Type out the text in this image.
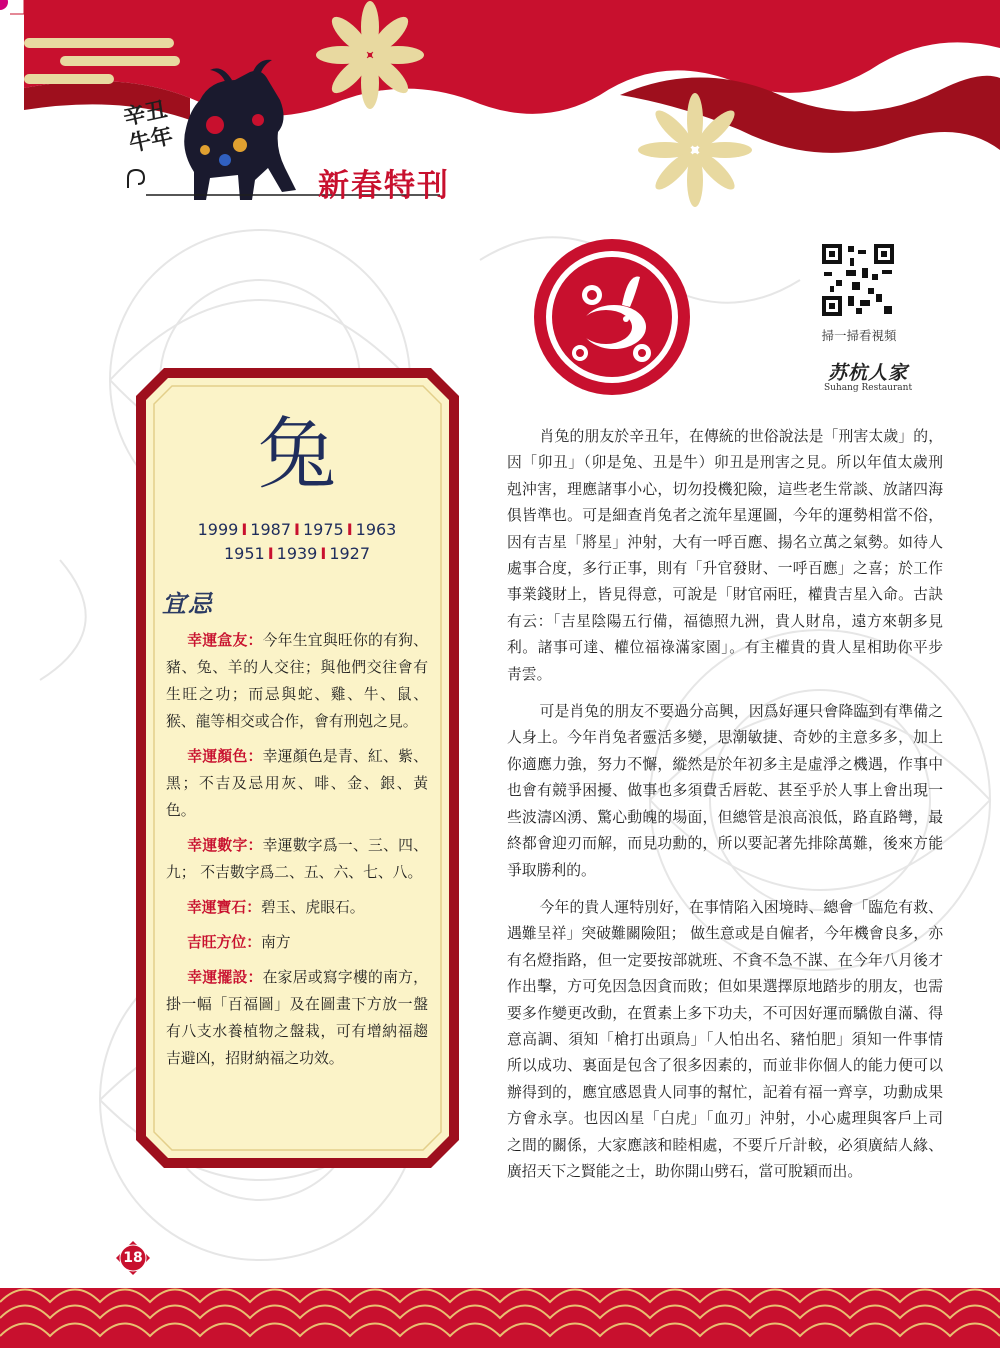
辛丑牛年
新春特刊
掃一掃看視頻
苏杭人家
Suhang Restaurant
兔
1999 I 1987 I 1975 I 1963
1951 I 1939 I 1927
宜忌
幸運盒友：今年生宜與旺你的有狗、豬、兔、羊的人交往；與他們交往會有生旺之功；而忌與蛇、雞、牛、鼠、猴、龍等相交或合作，會有刑剋之見。
幸運顏色：幸運顏色是青、紅、紫、黑；不吉及忌用灰、啡、金、銀、黃色。
幸運數字：幸運數字爲一、三、四、九； 不吉數字爲二、五、六、七、八。
幸運寶石：碧玉、虎眼石。
吉旺方位：南方
幸運擺設：在家居或寫字樓的南方，掛一幅「百福圖」及在圖畫下方放一盤有八支水養植物之盤栽，可有增納福趨吉避凶，招財納福之功效。

肖兔的朋友於辛丑年，在傳統的世俗說法是「刑害太歲」的，因「卯丑」（卯是兔、丑是牛）卯丑是刑害之見。所以年值太歲刑剋沖害，理應諸事小心，切勿投機犯險，這些老生常談、放諸四海俱皆準也。可是細查肖兔者之流年星運圖，今年的運勢相當不俗，因有吉星「將星」沖射，大有一呼百應、揚名立萬之氣勢。如待人處事合度，多行正事，則有「升官發財、一呼百應」之喜；於工作事業錢財上，皆見得意，可說是「財官兩旺，權貴吉星入命。古訣有云：「吉星陰陽五行備，福德照九洲，貴人財帛，遠方來朝多見利。諸事可達、權位福祿滿家園」。有主權貴的貴人星相助你平步靑雲。

可是肖兔的朋友不要過分高興，因爲好運只會降臨到有準備之人身上。今年肖兔者靈活多變，思潮敏捷、奇妙的主意多多，加上你適應力強，努力不懈，縱然是於年初多主是虛淨之機遇，作事中也會有競爭困擾、做事也多須費舌唇乾、甚至乎於人事上會出現一些波濤凶湧、驚心動魄的場面，但總管是浪高浪低，路直路彎，最終都會迎刃而解，而見功勳的，所以要記著先排除萬難，後來方能爭取勝利的。

今年的貴人運特別好，在事情陷入困境時、總會「臨危有救、遇難呈祥」突破難關險阻； 做生意或是自僱者，今年機會良多，亦有名燈指路，但一定要按部就班、不貪不急不謀、在今年八月後才作出擊，方可免因急因貪而敗；但如果選擇原地踏步的朋友，也需要多作變更改動，在質素上多下功夫，不可因好運而驕傲自滿、得意高調、須知「槍打出頭鳥」「人怕出名、豬怕肥」須知一件事情所以成功、裏面是包含了很多因素的，而並非你個人的能力便可以辦得到的，應宜感恩貴人同事的幫忙，記着有福一齊享，功勳成果方會永享。也因凶星「白虎」「血刃」沖射，小心處理與客戶上司之間的關係，大家應該和睦相處，不要斤斤計較，必須廣結人緣、廣招天下之賢能之士，助你開山劈石，當可脫穎而出。

18
